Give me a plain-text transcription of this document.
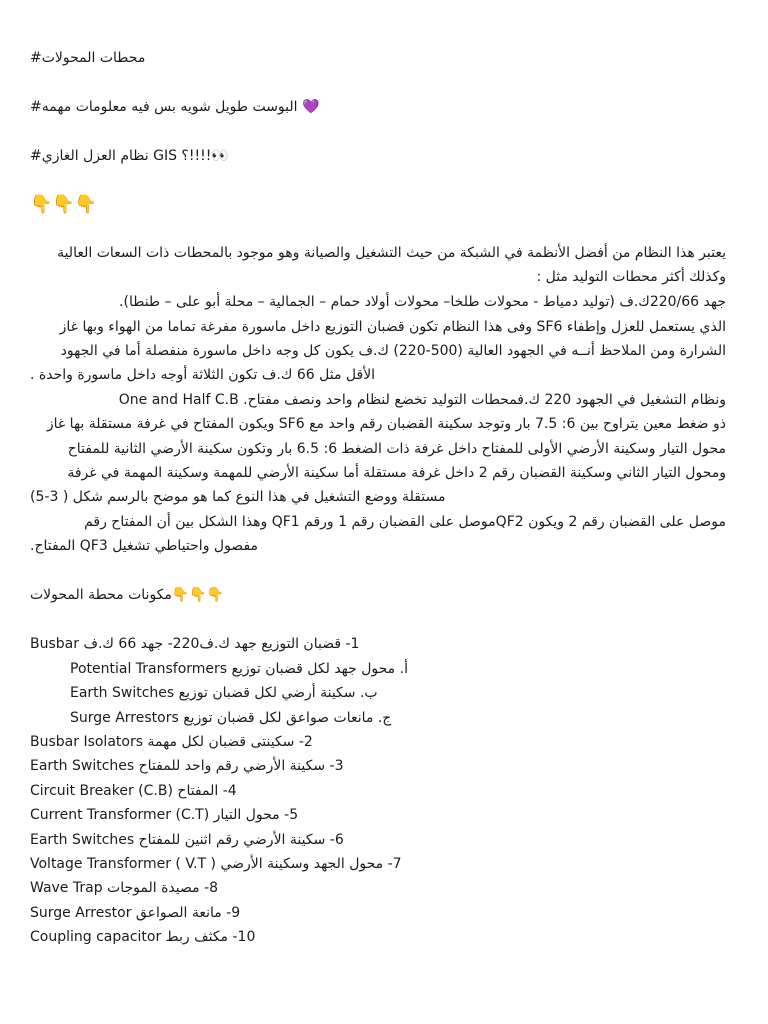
محطات المحولات#
💜 البوست طويل شويه بس فيه معلومات مهمه#
👀!!!!؟ GIS نظام العزل الغازي#
👇👇👇
يعتبر هذا النظام من أفضل الأنظمة في الشبكة من حيث التشغيل والصيانة وهو موجود بالمحطات ذات السعات العالية
وكذلك أكثر محطات التوليد مثل :
جهد 220/66ك.ف (توليد دمياط - محولات طلخا– محولات أولاد حمام – الجمالية – محلة أبو على – طنطا).
الذي يستعمل للعزل وإطفاء SF6 وفى هذا النظام تكون قضبان التوزيع داخل ماسورة مفرغة تماما من الهواء وبها غاز
الشرارة ومن الملاحظ أنــه في الجهود العالية (500-220) ك.ف يكون كل وجه داخل ماسورة منفصلة أما في الجهود
الأقل مثل 66 ك.ف تكون الثلاثة أوجه داخل ماسورة واحدة .
One and Half C.B .ونظام التشغيل في الجهود 220 ك.فمحطات التوليد تخضع لنظام واحد ونصف مفتاح
ذو ضغط معين يتراوح بين 6: 7.5 بار وتوجد سكينة القضبان رقم واحد مع SF6 ويكون المفتاح في غرفة مستقلة بها غاز
محول التيار وسكينة الأرضي الأولى للمفتاح داخل غرفة ذات الضغط 6: 6.5 بار وتكون سكينة الأرضي الثانية للمفتاح
ومحول التيار الثاني وسكينة القضبان رقم 2 داخل غرفة مستقلة أما سكينة الأرضي للمهمة وسكينة المهمة في غرفة
مستقلة ووضع التشغيل في هذا النوع كما هو موضح بالرسم شكل ( 3-5)
موصل على القضبان رقم 2 ويكون QF2موصل على القضبان رقم 1 ورقم QF1 وهذا الشكل بين أن المفتاح رقم
مفصول واحتياطي تشغيل QF3 المفتاح.
👇👇👇مكونات محطة المحولات
1- قضبان التوزيع جهد ك.ف220- جهد 66 ك.ف Busbar
أ. محول جهد لكل قضبان توزيع Potential Transformers
ب. سكينة أرضي لكل قضبان توزيع Earth Switches
ج. مانعات صواعق لكل قضبان توزيع Surge Arrestors
2- سكينتى قضبان لكل مهمة Busbar Isolators
3- سكينة الأرضي رقم واحد للمفتاح Earth Switches
4- المفتاح Circuit Breaker (C.B)
5- محول التيار Current Transformer (C.T)
6- سكينة الأرضي رقم اثنين للمفتاح Earth Switches
7- محول الجهد وسكينة الأرضي Voltage Transformer ( V.T )
8- مصيدة الموجات Wave Trap
9- مانعة الصواعق Surge Arrestor
10- مكثف ربط Coupling capacitor
